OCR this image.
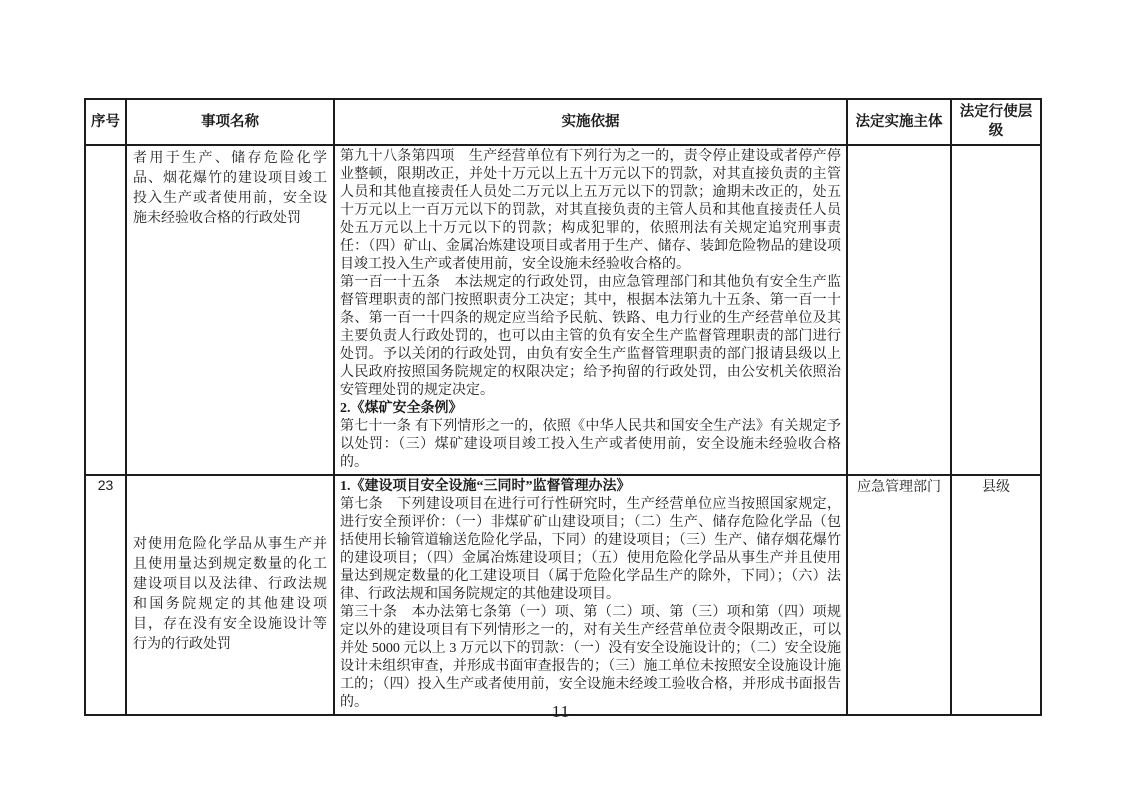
序号	事项名称	实施依据	法定实施主体	法定行使层级
	者用于生产、储存危险化学品、烟花爆竹的建设项目竣工投入生产或者使用前，安全设施未经验收合格的行政处罚	第九十八条第四项　生产经营单位有下列行为之一的，责令停止建设或者停产停业整顿，限期改正，并处十万元以上五十万元以下的罚款，对其直接负责的主管人员和其他直接责任人员处二万元以上五万元以下的罚款；逾期未改正的，处五十万元以上一百万元以下的罚款，对其直接负责的主管人员和其他直接责任人员处五万元以上十万元以下的罚款；构成犯罪的，依照刑法有关规定追究刑事责任：（四）矿山、金属冶炼建设项目或者用于生产、储存、装卸危险物品的建设项目竣工投入生产或者使用前，安全设施未经验收合格的。

第一百一十五条　本法规定的行政处罚，由应急管理部门和其他负有安全生产监督管理职责的部门按照职责分工决定；其中，根据本法第九十五条、第一百一十条、第一百一十四条的规定应当给予民航、铁路、电力行业的生产经营单位及其主要负责人行政处罚的，也可以由主管的负有安全生产监督管理职责的部门进行处罚。予以关闭的行政处罚，由负有安全生产监督管理职责的部门报请县级以上人民政府按照国务院规定的权限决定；给予拘留的行政处罚，由公安机关依照治安管理处罚的规定决定。

2.《煤矿安全条例》

第七十一条 有下列情形之一的，依照《中华人民共和国安全生产法》有关规定予以处罚：（三）煤矿建设项目竣工投入生产或者使用前，安全设施未经验收合格的。		

23	对使用危险化学品从事生产并且使用量达到规定数量的化工建设项目以及法律、行政法规和国务院规定的其他建设项目，存在没有安全设施设计等行为的行政处罚	1.《建设项目安全设施“三同时”监督管理办法》

第七条　下列建设项目在进行可行性研究时，生产经营单位应当按照国家规定，进行安全预评价：（一）非煤矿矿山建设项目；（二）生产、储存危险化学品（包括使用长输管道输送危险化学品，下同）的建设项目；（三）生产、储存烟花爆竹的建设项目；（四）金属冶炼建设项目；（五）使用危险化学品从事生产并且使用量达到规定数量的化工建设项目（属于危险化学品生产的除外，下同）；（六）法律、行政法规和国务院规定的其他建设项目。

第三十条　本办法第七条第（一）项、第（二）项、第（三）项和第（四）项规定以外的建设项目有下列情形之一的，对有关生产经营单位责令限期改正，可以并处 5000 元以上 3 万元以下的罚款：（一）没有安全设施设计的；（二）安全设施设计未组织审查，并形成书面审查报告的；（三）施工单位未按照安全设施设计施工的；（四）投入生产或者使用前，安全设施未经竣工验收合格，并形成书面报告的。	应急管理部门	县级
11
